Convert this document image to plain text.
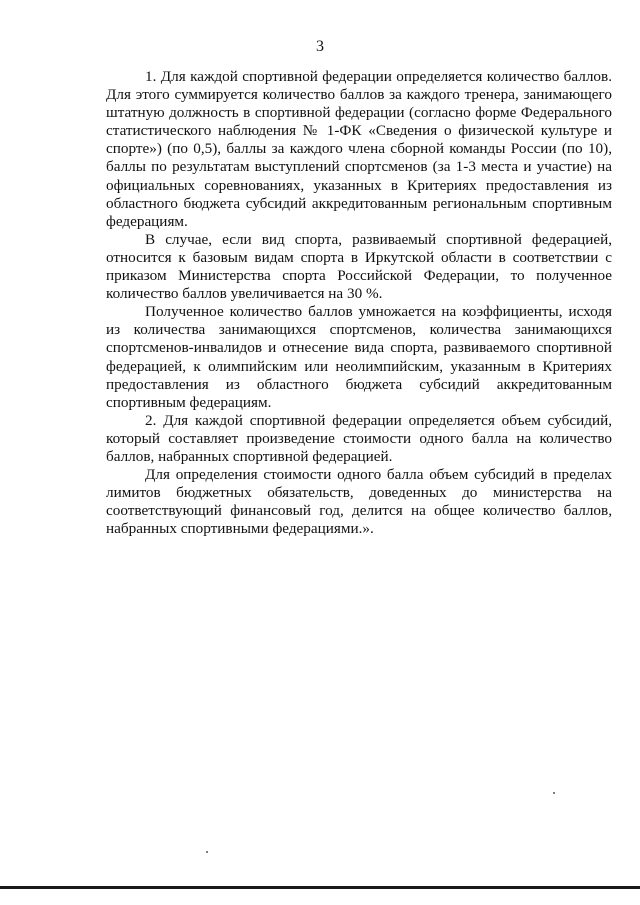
3

1. Для каждой спортивной федерации определяется количество баллов. Для этого суммируется количество баллов за каждого тренера, занимающего штатную должность в спортивной федерации (согласно форме Федерального статистического наблюдения № 1-ФК «Сведения о физической культуре и спорте») (по 0,5), баллы за каждого члена сборной команды России (по 10), баллы по результатам выступлений спортсменов (за 1-3 места и участие) на официальных соревнованиях, указанных в Критериях предоставления из областного бюджета субсидий аккредитованным региональным спортивным федерациям.

В случае, если вид спорта, развиваемый спортивной федерацией, относится к базовым видам спорта в Иркутской области в соответствии с приказом Министерства спорта Российской Федерации, то полученное количество баллов увеличивается на 30 %.

Полученное количество баллов умножается на коэффициенты, исходя из количества занимающихся спортсменов, количества занимающихся спортсменов-инвалидов и отнесение вида спорта, развиваемого спортивной федерацией, к олимпийским или неолимпийским, указанным в Критериях предоставления из областного бюджета субсидий аккредитованным спортивным федерациям.

2. Для каждой спортивной федерации определяется объем субсидий, который составляет произведение стоимости одного балла на количество баллов, набранных спортивной федерацией.

Для определения стоимости одного балла объем субсидий в пределах лимитов бюджетных обязательств, доведенных до министерства на соответствующий финансовый год, делится на общее количество баллов, набранных спортивными федерациями.».
